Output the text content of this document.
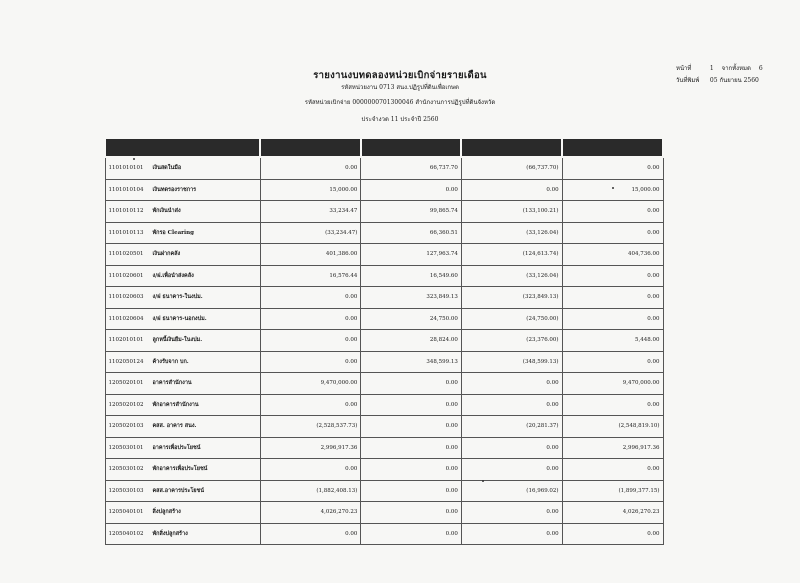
หน้าที่	1 จากทั้งหมด 6
วันที่พิมพ์ 05 กันยายน 2560
รายงานงบทดลองหน่วยเบิกจ่ายรายเดือน
รหัสหน่วยงาน 0713 สนง.ปฏิรูปที่ดินเพื่อเกษต
รหัสหน่วยเบิกจ่าย 0000000701300046 สำนักงานการปฏิรูปที่ดินจังหวัด
ประจำงวด 11 ประจำปี 2560

1101010101 เงินสดในมือ	0.00	66,737.70	(66,737.70)	0.00
1101010104 เงินทดรองราชการ	15,000.00	0.00	0.00	15,000.00
1101010112 พักเงินนำส่ง	33,234.47	99,865.74	(133,100.21)	0.00
1101010113 พักรอ Clearing	(33,234.47)	66,360.51	(33,126.04)	0.00
1101020501 เงินฝากคลัง	401,386.00	127,963.74	(124,613.74)	404,736.00
1101020601 ง/ฝ.เพื่อนำส่งคลัง	16,576.44	16,549.60	(33,126.04)	0.00
1101020603 ง/ฝ ธนาคาร-ในงปม.	0.00	323,849.13	(323,849.13)	0.00
1101020604 ง/ฝ ธนาคาร-นอกงปม.	0.00	24,750.00	(24,750.00)	0.00
1102010101 ลูกหนี้เงินยืม-ในงปม.	0.00	28,824.00	(23,376.00)	5,448.00
1102050124 ค้างรับจาก บก.	0.00	348,599.13	(348,599.13)	0.00
1205020101 อาคารสำนักงาน	9,470,000.00	0.00	0.00	9,470,000.00
1205020102 พักอาคารสำนักงาน	0.00	0.00	0.00	0.00
1205020103 คสส. อาคาร สนง.	(2,528,537.73)	0.00	(20,281.37)	(2,548,819.10)
1205030101 อาคารเพื่อประโยชน์	2,996,917.36	0.00	0.00	2,996,917.36
1205030102 พักอาคารเพื่อประโยชน์	0.00	0.00	0.00	0.00
1205030103 คสส.อาคารประโยชน์	(1,882,408.13)	0.00	(16,969.02)	(1,899,377.15)
1205040101 สิ่งปลูกสร้าง	4,026,270.23	0.00	0.00	4,026,270.23
1205040102 พักสิ่งปลูกสร้าง	0.00	0.00	0.00	0.00
